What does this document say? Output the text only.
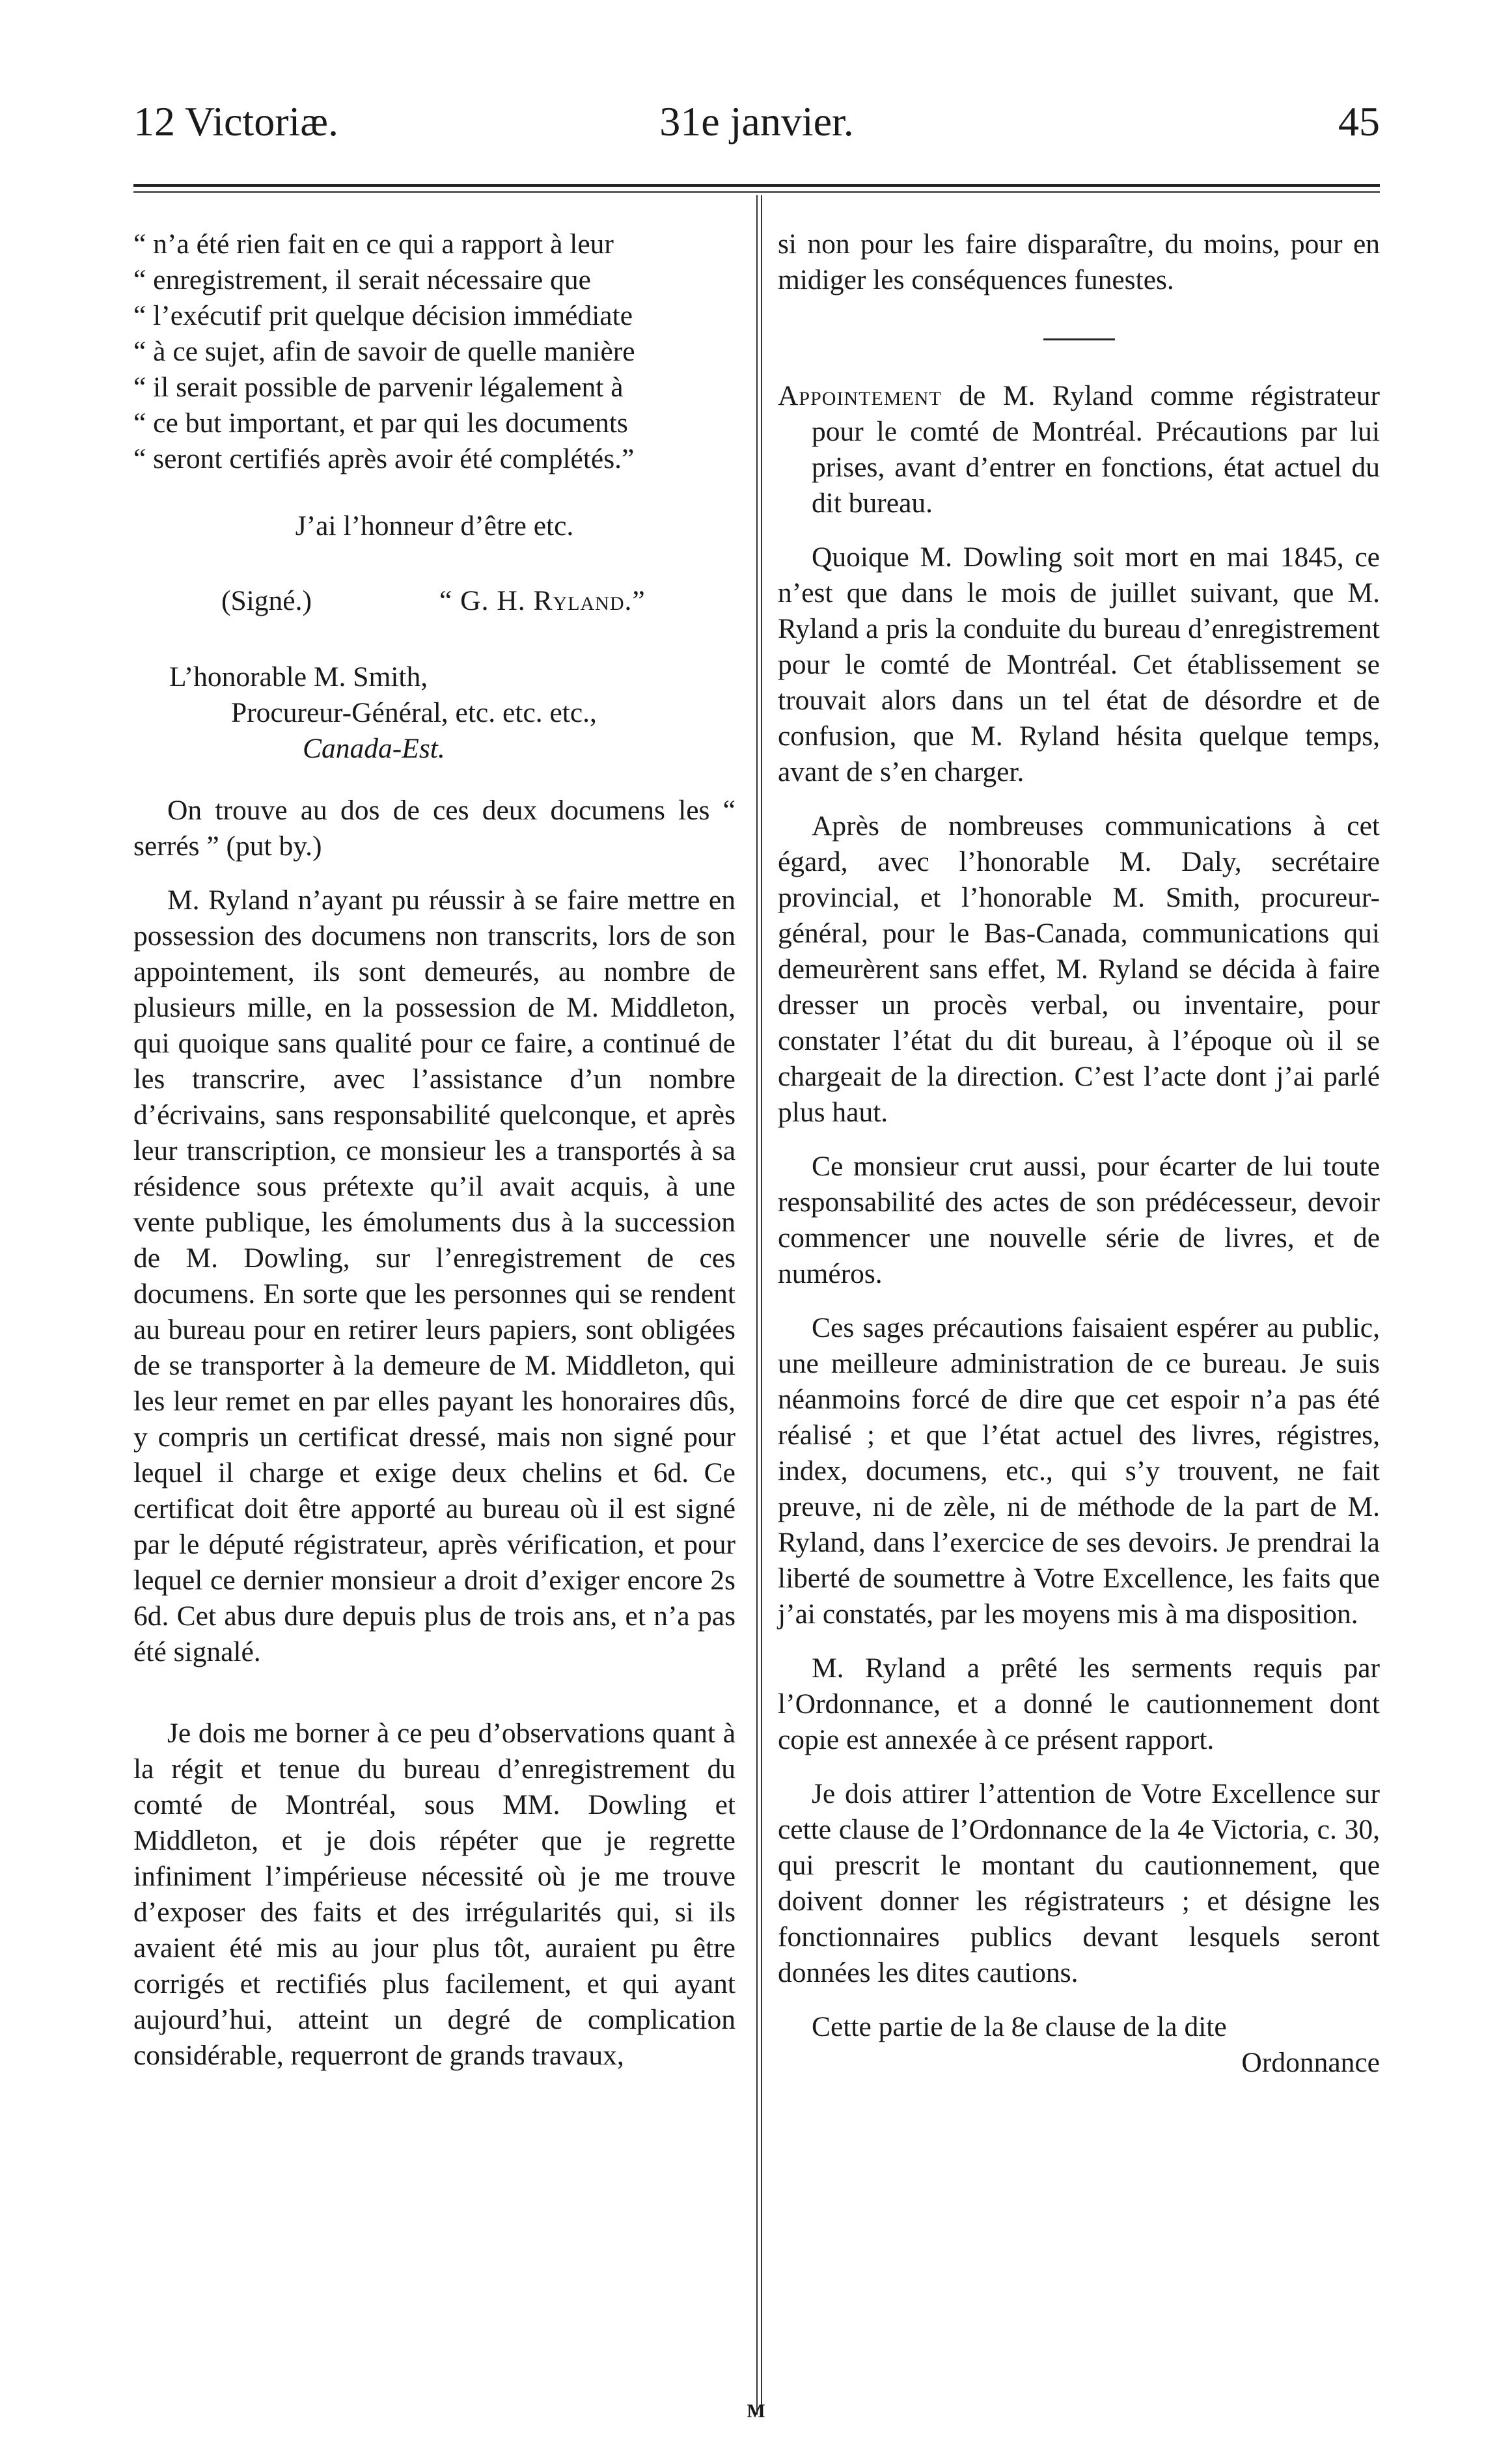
12 Victoriæ.	31e janvier.	45
“ n’a été rien fait en ce qui a rapport à leur
“ enregistrement, il serait nécessaire que
“ l’exécutif prit quelque décision immédiate
“ à ce sujet, afin de savoir de quelle manière
“ il serait possible de parvenir légalement à
“ ce but important, et par qui les documents
“ seront certifiés après avoir été complétés.”

J’ai l’honneur d’être etc.

(Signé.)	“ G. H. Ryland.”

L’honorable M. Smith,

Procureur-Général, etc. etc. etc.,

Canada-Est.

On trouve au dos de ces deux documens les “ serrés ” (put by.)

M. Ryland n’ayant pu réussir à se faire mettre en possession des documens non transcrits, lors de son appointement, ils sont demeurés, au nombre de plusieurs mille, en la possession de M. Middleton, qui quoique sans qualité pour ce faire, a continué de les transcrire, avec l’assistance d’un nombre d’écrivains, sans responsabilité quelconque, et après leur transcription, ce monsieur les a transportés à sa résidence sous prétexte qu’il avait acquis, à une vente publique, les émoluments dus à la succession de M. Dowling, sur l’enregistrement de ces documens. En sorte que les personnes qui se rendent au bureau pour en retirer leurs papiers, sont obligées de se transporter à la demeure de M. Middleton, qui les leur remet en par elles payant les honoraires dûs, y compris un certificat dressé, mais non signé pour lequel il charge et exige deux chelins et 6d. Ce certificat doit être apporté au bureau où il est signé par le député régistrateur, après vérification, et pour lequel ce dernier monsieur a droit d’exiger encore 2s 6d. Cet abus dure depuis plus de trois ans, et n’a pas été signalé.

Je dois me borner à ce peu d’observations quant à la régit et tenue du bureau d’enregistrement du comté de Montréal, sous MM. Dowling et Middleton, et je dois répéter que je regrette infiniment l’impérieuse nécessité où je me trouve d’exposer des faits et des irrégularités qui, si ils avaient été mis au jour plus tôt, auraient pu être corrigés et rectifiés plus facilement, et qui ayant aujourd’hui, atteint un degré de complication considérable, requerront de grands travaux,

si non pour les faire disparaître, du moins, pour en midiger les conséquences funestes.

Appointement de M. Ryland comme régistrateur pour le comté de Montréal. Précautions par lui prises, avant d’entrer en fonctions, état actuel du dit bureau.

Quoique M. Dowling soit mort en mai 1845, ce n’est que dans le mois de juillet suivant, que M. Ryland a pris la conduite du bureau d’enregistrement pour le comté de Montréal. Cet établissement se trouvait alors dans un tel état de désordre et de confusion, que M. Ryland hésita quelque temps, avant de s’en charger.

Après de nombreuses communications à cet égard, avec l’honorable M. Daly, secrétaire provincial, et l’honorable M. Smith, procureur-général, pour le Bas-Canada, communications qui demeurèrent sans effet, M. Ryland se décida à faire dresser un procès verbal, ou inventaire, pour constater l’état du dit bureau, à l’époque où il se chargeait de la direction. C’est l’acte dont j’ai parlé plus haut.

Ce monsieur crut aussi, pour écarter de lui toute responsabilité des actes de son prédécesseur, devoir commencer une nouvelle série de livres, et de numéros.

Ces sages précautions faisaient espérer au public, une meilleure administration de ce bureau. Je suis néanmoins forcé de dire que cet espoir n’a pas été réalisé ; et que l’état actuel des livres, régistres, index, documens, etc., qui s’y trouvent, ne fait preuve, ni de zèle, ni de méthode de la part de M. Ryland, dans l’exercice de ses devoirs. Je prendrai la liberté de soumettre à Votre Excellence, les faits que j’ai constatés, par les moyens mis à ma disposition.

M. Ryland a prêté les serments requis par l’Ordonnance, et a donné le cautionnement dont copie est annexée à ce présent rapport.

Je dois attirer l’attention de Votre Excellence sur cette clause de l’Ordonnance de la 4e Victoria, c. 30, qui prescrit le montant du cautionnement, que doivent donner les régistrateurs ; et désigne les fonctionnaires publics devant lesquels seront données les dites cautions.

Cette partie de la 8e clause de la dite

Ordonnance

M
